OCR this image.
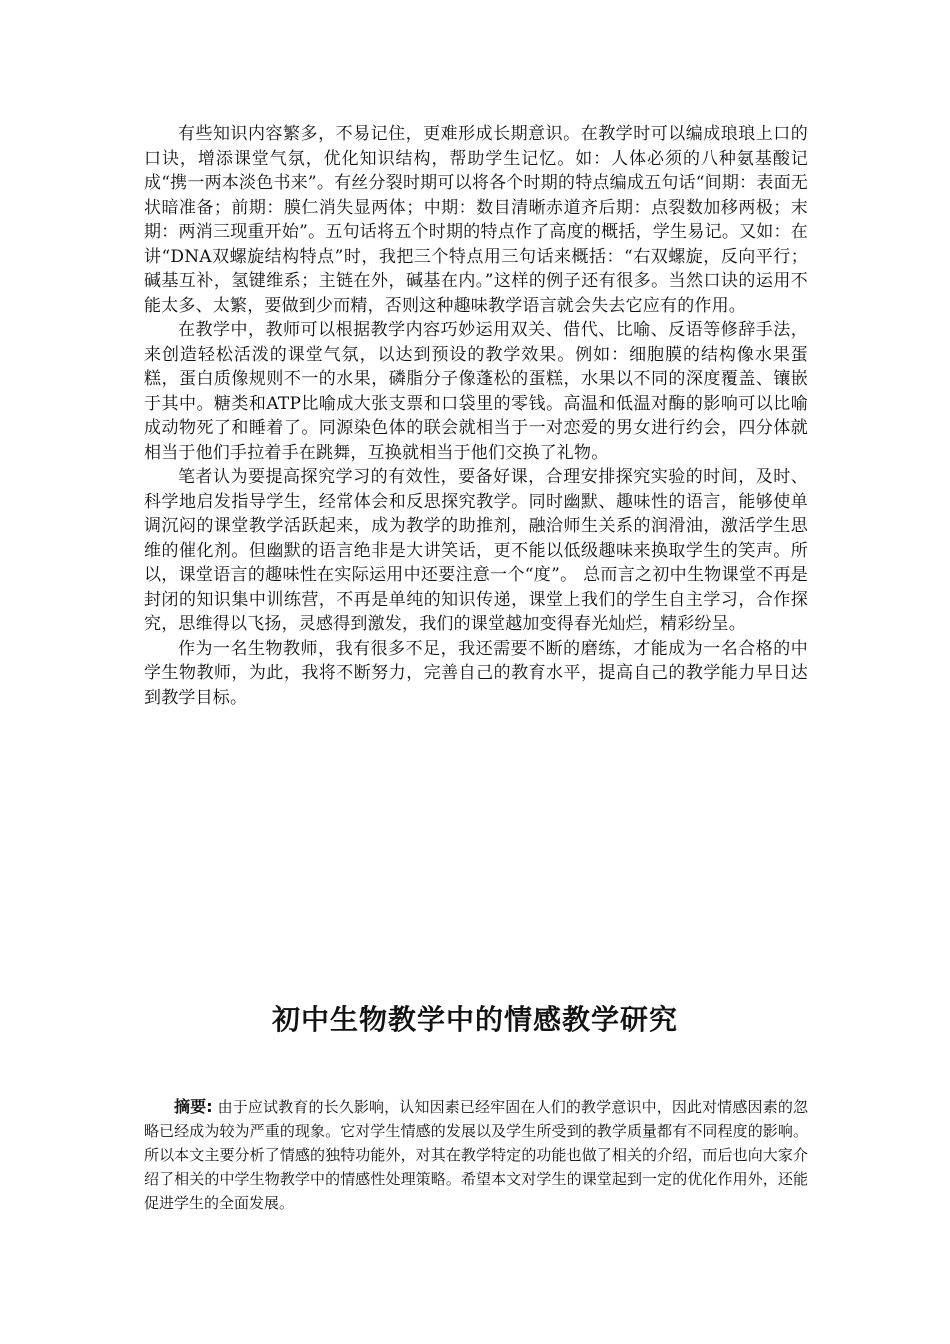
有些知识内容繁多，不易记住，更难形成长期意识。在教学时可以编成琅琅上口的口诀，增添课堂气氛，优化知识结构，帮助学生记忆。如：人体必须的八种氨基酸记成“携一两本淡色书来”。有丝分裂时期可以将各个时期的特点编成五句话“间期：表面无状暗准备；前期：膜仁消失显两体；中期：数目清晰赤道齐后期：点裂数加移两极；末期：两消三现重开始”。五句话将五个时期的特点作了高度的概括，学生易记。又如：在讲“DNA双螺旋结构特点”时，我把三个特点用三句话来概括：“右双螺旋，反向平行；碱基互补，氢键维系；主链在外，碱基在内。”这样的例子还有很多。当然口诀的运用不能太多、太繁，要做到少而精，否则这种趣味教学语言就会失去它应有的作用。

在教学中，教师可以根据教学内容巧妙运用双关、借代、比喻、反语等修辞手法，来创造轻松活泼的课堂气氛，以达到预设的教学效果。例如：细胞膜的结构像水果蛋糕，蛋白质像规则不一的水果，磷脂分子像蓬松的蛋糕，水果以不同的深度覆盖、镶嵌于其中。糖类和ATP比喻成大张支票和口袋里的零钱。高温和低温对酶的影响可以比喻成动物死了和睡着了。同源染色体的联会就相当于一对恋爱的男女进行约会，四分体就相当于他们手拉着手在跳舞，互换就相当于他们交换了礼物。

笔者认为要提高探究学习的有效性，要备好课，合理安排探究实验的时间，及时、科学地启发指导学生，经常体会和反思探究教学。同时幽默、趣味性的语言，能够使单调沉闷的课堂教学活跃起来，成为教学的助推剂，融洽师生关系的润滑油，激活学生思维的催化剂。但幽默的语言绝非是大讲笑话，更不能以低级趣味来换取学生的笑声。所以，课堂语言的趣味性在实际运用中还要注意一个“度”。 总而言之初中生物课堂不再是封闭的知识集中训练营，不再是单纯的知识传递，课堂上我们的学生自主学习，合作探究，思维得以飞扬，灵感得到激发，我们的课堂越加变得春光灿烂，精彩纷呈。

作为一名生物教师，我有很多不足，我还需要不断的磨练，才能成为一名合格的中学生物教师，为此，我将不断努力，完善自己的教育水平，提高自己的教学能力早日达到教学目标。

初中生物教学中的情感教学研究
摘要: 由于应试教育的长久影响，认知因素已经牢固在人们的教学意识中，因此对情感因素的忽略已经成为较为严重的现象。它对学生情感的发展以及学生所受到的教学质量都有不同程度的影响。所以本文主要分析了情感的独特功能外，对其在教学特定的功能也做了相关的介绍，而后也向大家介绍了相关的中学生物教学中的情感性处理策略。希望本文对学生的课堂起到一定的优化作用外，还能促进学生的全面发展。
